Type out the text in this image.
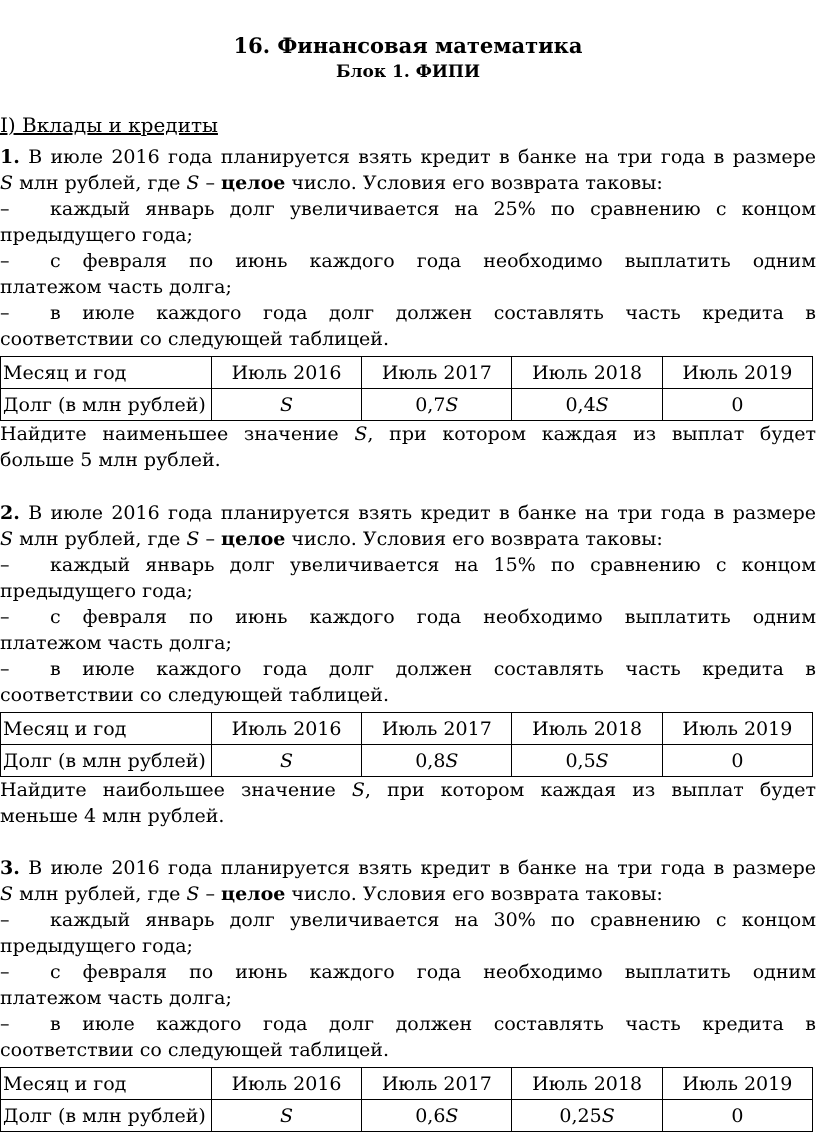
16. Финансовая математика
Блок 1. ФИПИ

I) Вклады и кредиты

1. В июле 2016 года планируется взять кредит в банке на три года в размере
S млн рублей, где S – целое число. Условия его возврата таковы:
– каждый январь долг увеличивается на 25% по сравнению с концом
предыдущего года;
– с февраля по июнь каждого года необходимо выплатить одним
платежом часть долга;
– в июле каждого года долг должен составлять часть кредита в
соответствии со следующей таблицей.
Месяц и год	Июль 2016	Июль 2017	Июль 2018	Июль 2019
Долг (в млн рублей)	S	0,7S	0,4S	0
Найдите наименьшее значение S, при котором каждая из выплат будет
больше 5 млн рублей.
2. В июле 2016 года планируется взять кредит в банке на три года в размере
S млн рублей, где S – целое число. Условия его возврата таковы:
– каждый январь долг увеличивается на 15% по сравнению с концом
предыдущего года;
– с февраля по июнь каждого года необходимо выплатить одним
платежом часть долга;
– в июле каждого года долг должен составлять часть кредита в
соответствии со следующей таблицей.
Месяц и год	Июль 2016	Июль 2017	Июль 2018	Июль 2019
Долг (в млн рублей)	S	0,8S	0,5S	0
Найдите наибольшее значение S, при котором каждая из выплат будет
меньше 4 млн рублей.
3. В июле 2016 года планируется взять кредит в банке на три года в размере
S млн рублей, где S – целое число. Условия его возврата таковы:
– каждый январь долг увеличивается на 30% по сравнению с концом
предыдущего года;
– с февраля по июнь каждого года необходимо выплатить одним
платежом часть долга;
– в июле каждого года долг должен составлять часть кредита в
соответствии со следующей таблицей.
Месяц и год	Июль 2016	Июль 2017	Июль 2018	Июль 2019
Долг (в млн рублей)	S	0,6S	0,25S	0
